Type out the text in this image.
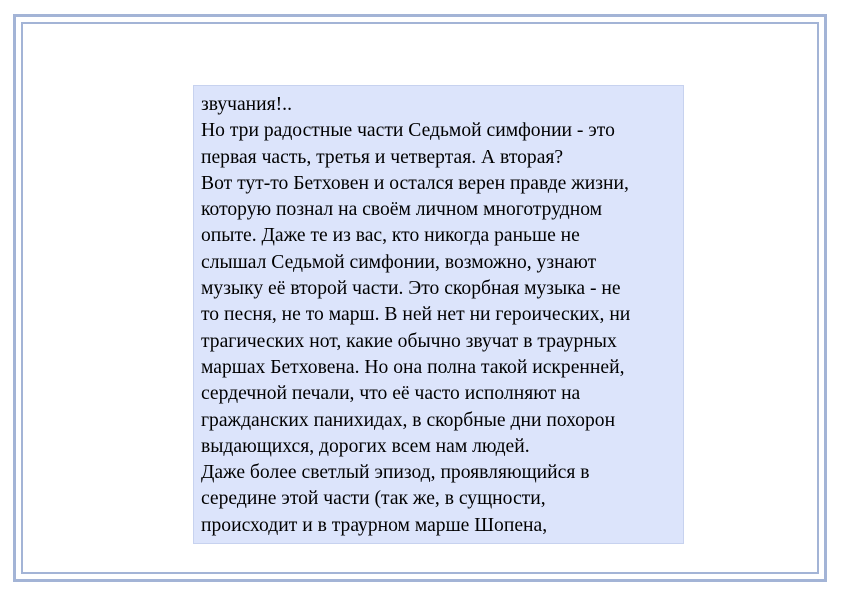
звучания!..
Но три радостные части Седьмой симфонии - это
первая часть, третья и четвертая. А вторая?
Вот тут-то Бетховен и остался верен правде жизни,
которую познал на своём личном многотрудном
опыте. Даже те из вас, кто никогда раньше не
слышал Седьмой симфонии, возможно, узнают
музыку её второй части. Это скорбная музыка - не
то песня, не то марш. В ней нет ни героических, ни
трагических нот, какие обычно звучат в траурных
маршах Бетховена. Но она полна такой искренней,
сердечной печали, что её часто исполняют на
гражданских панихидах, в скорбные дни похорон
выдающихся, дорогих всем нам людей.
Даже более светлый эпизод, проявляющийся в
середине этой части (так же, в сущности,
происходит и в траурном марше Шопена,
